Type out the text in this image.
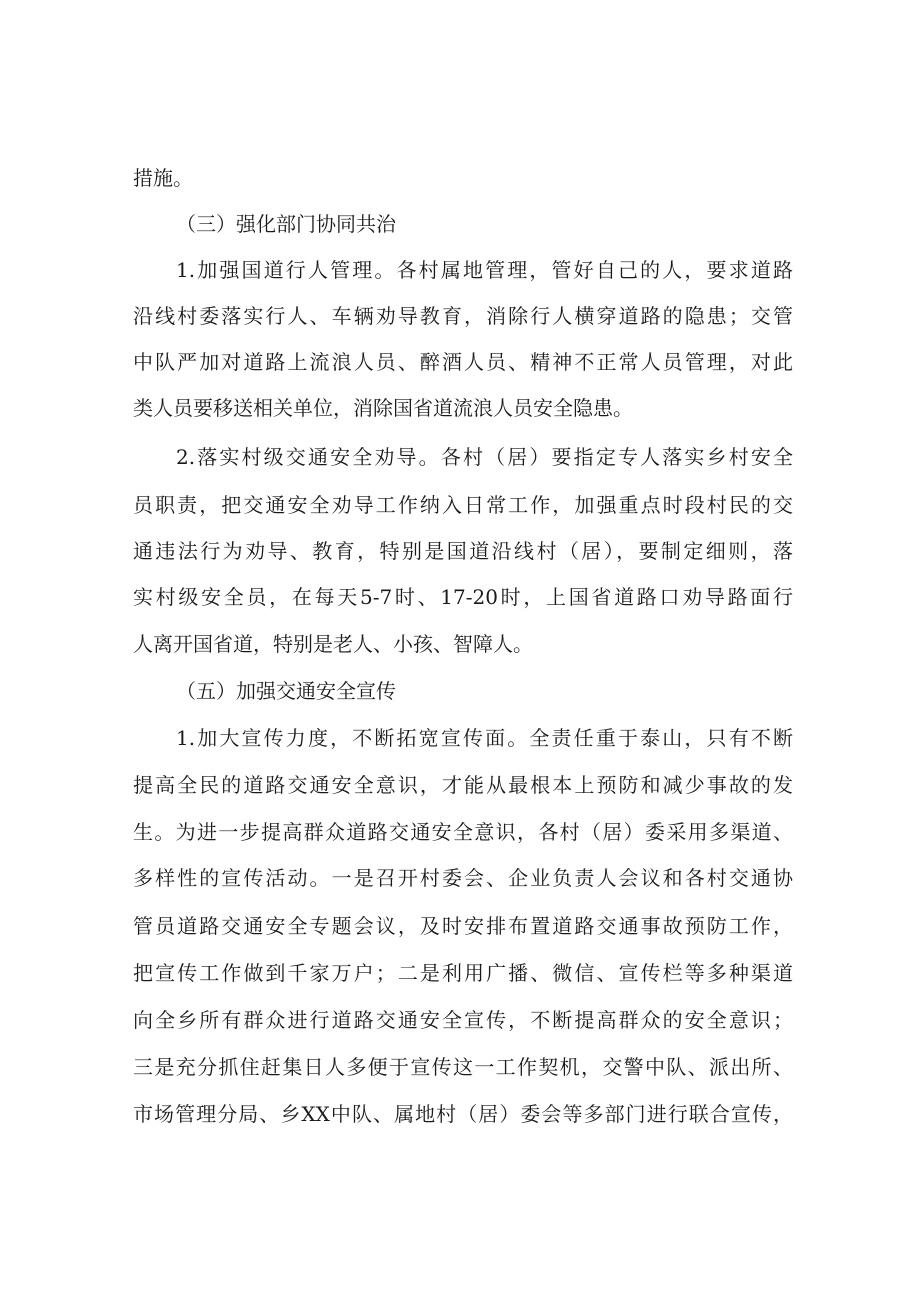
措施。
（三）强化部门协同共治
1.加强国道行人管理。各村属地管理，管好自己的人，要求道路
沿线村委落实行人、车辆劝导教育，消除行人横穿道路的隐患；交管
中队严加对道路上流浪人员、醉酒人员、精神不正常人员管理，对此
类人员要移送相关单位，消除国省道流浪人员安全隐患。
2.落实村级交通安全劝导。各村（居）要指定专人落实乡村安全
员职责，把交通安全劝导工作纳入日常工作，加强重点时段村民的交
通违法行为劝导、教育，特别是国道沿线村（居），要制定细则，落
实村级安全员，在每天5-7时、17-20时，上国省道路口劝导路面行
人离开国省道，特别是老人、小孩、智障人。
（五）加强交通安全宣传
1.加大宣传力度，不断拓宽宣传面。全责任重于泰山，只有不断
提高全民的道路交通安全意识，才能从最根本上预防和减少事故的发
生。为进一步提高群众道路交通安全意识，各村（居）委采用多渠道、
多样性的宣传活动。一是召开村委会、企业负责人会议和各村交通协
管员道路交通安全专题会议，及时安排布置道路交通事故预防工作，
把宣传工作做到千家万户；二是利用广播、微信、宣传栏等多种渠道
向全乡所有群众进行道路交通安全宣传，不断提高群众的安全意识；
三是充分抓住赶集日人多便于宣传这一工作契机，交警中队、派出所、
市场管理分局、乡XX中队、属地村（居）委会等多部门进行联合宣传，
